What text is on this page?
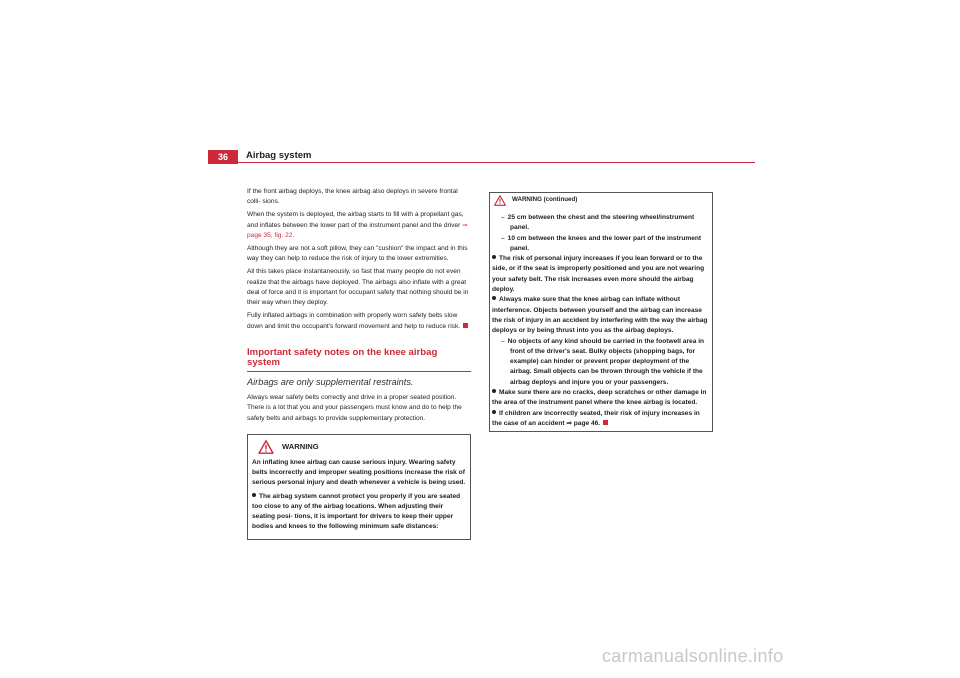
36	Airbag system

If the front airbag deploys, the knee airbag also deploys in severe frontal colli- sions.

When the system is deployed, the airbag starts to fill with a propellant gas, and inflates between the lower part of the instrument panel and the driver ⇒ page 35, fig. 22.

Although they are not a soft pillow, they can "cushion" the impact and in this way they can help to reduce the risk of injury to the lower extremities.

All this takes place instantaneously, so fast that many people do not even realize that the airbags have deployed. The airbags also inflate with a great deal of force and it is important for occupant safety that nothing should be in their way when they deploy.

Fully inflated airbags in combination with properly worn safety belts slow down and limit the occupant's forward movement and help to reduce risk.

Important safety notes on the knee airbag system
Airbags are only supplemental restraints.

Always wear safety belts correctly and drive in a proper seated position. There is a lot that you and your passengers must know and do to help the safety belts and airbags to provide supplementary protection.

WARNING

An inflating knee airbag can cause serious injury. Wearing safety belts incorrectly and improper seating positions increase the risk of serious personal injury and death whenever a vehicle is being used.

The airbag system cannot protect you properly if you are seated too close to any of the airbag locations. When adjusting their seating posi- tions, it is important for drivers to keep their upper bodies and knees to the following minimum safe distances:

WARNING (continued)

– 25 cm between the chest and the steering wheel/instrument panel.

– 10 cm between the knees and the lower part of the instrument panel.

The risk of personal injury increases if you lean forward or to the side, or if the seat is improperly positioned and you are not wearing your safety belt. The risk increases even more should the airbag deploy.

Always make sure that the knee airbag can inflate without interference. Objects between yourself and the airbag can increase the risk of injury in an accident by interfering with the way the airbag deploys or by being thrust into you as the airbag deploys.

– No objects of any kind should be carried in the footwell area in front of the driver's seat. Bulky objects (shopping bags, for example) can hinder or prevent proper deployment of the airbag. Small objects can be thrown through the vehicle if the airbag deploys and injure you or your passengers.

Make sure there are no cracks, deep scratches or other damage in the area of the instrument panel where the knee airbag is located.

If children are incorrectly seated, their risk of injury increases in the case of an accident ⇒ page 46.

carmanualsonline.info
